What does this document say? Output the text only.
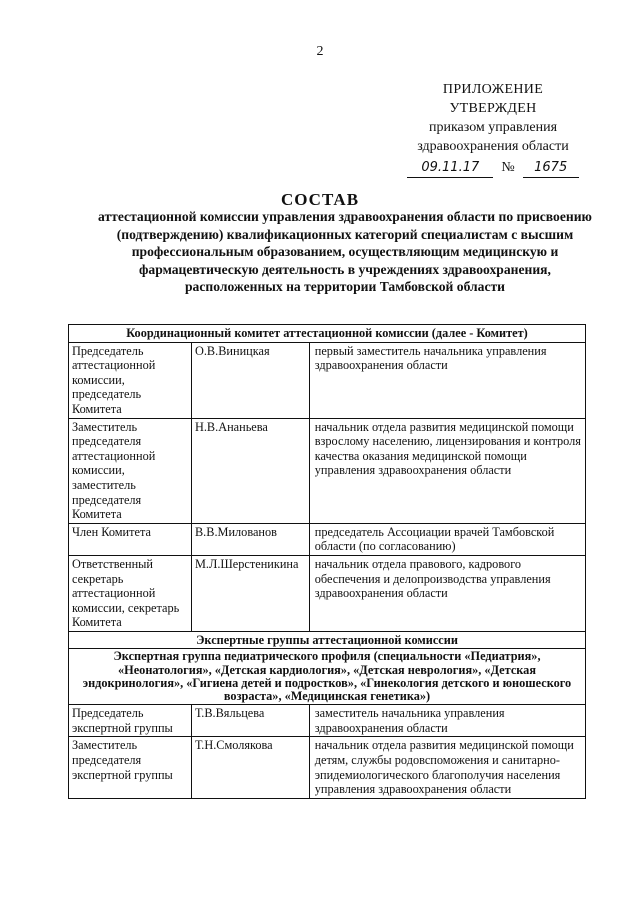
2
ПРИЛОЖЕНИЕ
УТВЕРЖДЕН
приказом управления
здравоохранения области
09.11.17	№	1675
СОСТАВ
аттестационной комиссии управления здравоохранения области по присвоению (подтверждению) квалификационных категорий специалистам с высшим профессиональным образованием, осуществляющим медицинскую и фармацевтическую деятельность в учреждениях здравоохранения, расположенных на территории Тамбовской области
Координационный комитет аттестационной комиссии (далее - Комитет)		
Председатель аттестационной комиссии, председатель Комитета	О.В.Виницкая	первый заместитель начальника управления здравоохранения области
Заместитель председателя аттестационной комиссии, заместитель председателя Комитета	Н.В.Ананьева	начальник отдела развития медицинской помощи взрослому населению, лицензирования и контроля качества оказания медицинской помощи управления здравоохранения области
Член Комитета	В.В.Милованов	председатель Ассоциации врачей Тамбовской области (по согласованию)
Ответственный секретарь аттестационной комиссии, секретарь Комитета	М.Л.Шерстеникина	начальник отдела правового, кадрового обеспечения и делопроизводства управления здравоохранения области
Экспертные группы аттестационной комиссии		
Экспертная группа педиатрического профиля (специальности «Педиатрия», «Неонатология», «Детская кардиология», «Детская неврология», «Детская эндокринология», «Гигиена детей и подростков», «Гинекология детского и юношеского возраста», «Медицинская генетика»)		
Председатель экспертной группы	Т.В.Вяльцева	заместитель начальника управления здравоохранения области
Заместитель председателя экспертной группы	Т.Н.Смолякова	начальник отдела развития медицинской помощи детям, службы родовспоможения и санитарно-эпидемиологического благополучия населения управления здравоохранения области
